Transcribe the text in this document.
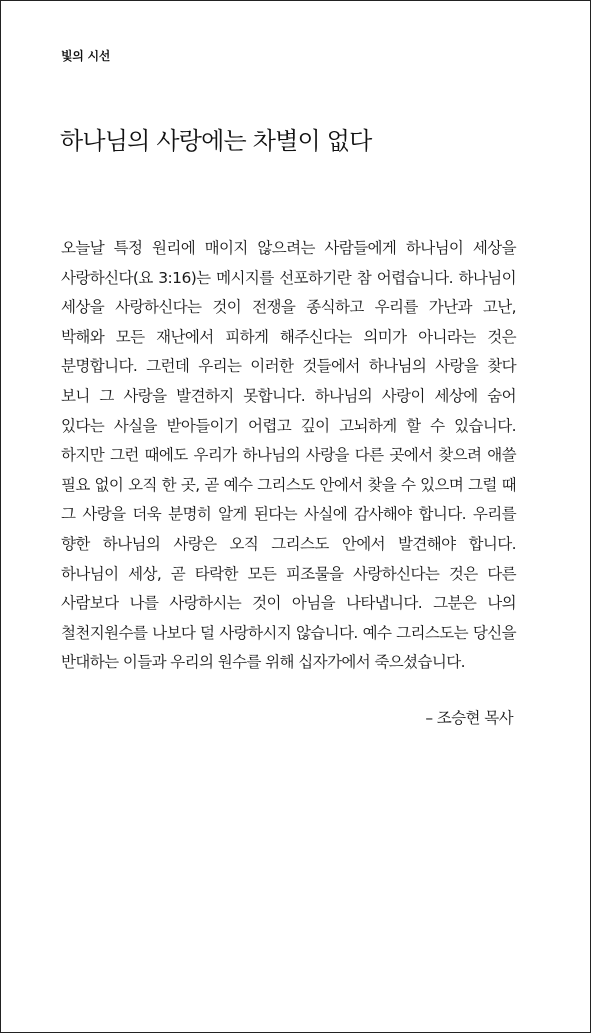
빛의 시선
하나님의 사랑에는 차별이 없다

오늘날 특정 원리에 매이지 않으려는 사람들에게 하나님이 세상을 사랑하신다(요 3:16)는 메시지를 선포하기란 참 어렵습니다. 하나님이 세상을 사랑하신다는 것이 전쟁을 종식하고 우리를 가난과 고난, 박해와 모든 재난에서 피하게 해주신다는 의미가 아니라는 것은 분명합니다. 그런데 우리는 이러한 것들에서 하나님의 사랑을 찾다 보니 그 사랑을 발견하지 못합니다. 하나님의 사랑이 세상에 숨어 있다는 사실을 받아들이기 어렵고 깊이 고뇌하게 할 수 있습니다. 하지만 그런 때에도 우리가 하나님의 사랑을 다른 곳에서 찾으려 애쓸 필요 없이 오직 한 곳, 곧 예수 그리스도 안에서 찾을 수 있으며 그럴 때 그 사랑을 더욱 분명히 알게 된다는 사실에 감사해야 합니다. 우리를 향한 하나님의 사랑은 오직 그리스도 안에서 발견해야 합니다. 하나님이 세상, 곧 타락한 모든 피조물을 사랑하신다는 것은 다른 사람보다 나를 사랑하시는 것이 아님을 나타냅니다. 그분은 나의 철천지원수를 나보다 덜 사랑하시지 않습니다. 예수 그리스도는 당신을 반대하는 이들과 우리의 원수를 위해 십자가에서 죽으셨습니다.

– 조승현 목사
